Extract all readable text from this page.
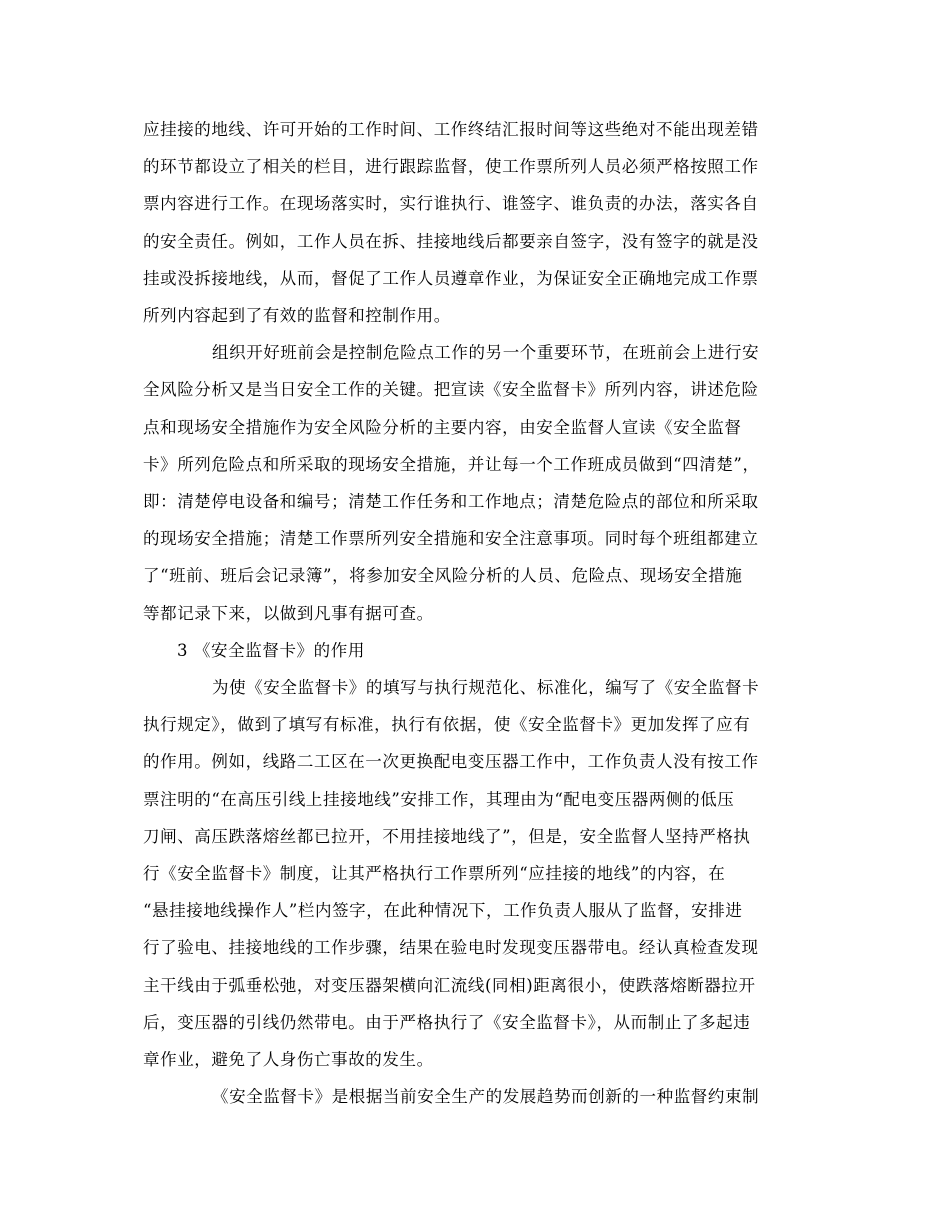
应挂接的地线、许可开始的工作时间、工作终结汇报时间等这些绝对不能出现差错
的环节都设立了相关的栏目，进行跟踪监督，使工作票所列人员必须严格按照工作
票内容进行工作。在现场落实时，实行谁执行、谁签字、谁负责的办法，落实各自
的安全责任。例如，工作人员在拆、挂接地线后都要亲自签字，没有签字的就是没
挂或没拆接地线，从而，督促了工作人员遵章作业，为保证安全正确地完成工作票
所列内容起到了有效的监督和控制作用。
组织开好班前会是控制危险点工作的另一个重要环节，在班前会上进行安
全风险分析又是当日安全工作的关键。把宣读《安全监督卡》所列内容，讲述危险
点和现场安全措施作为安全风险分析的主要内容，由安全监督人宣读《安全监督
卡》所列危险点和所采取的现场安全措施，并让每一个工作班成员做到“四清楚”，
即：清楚停电设备和编号；清楚工作任务和工作地点；清楚危险点的部位和所采取
的现场安全措施；清楚工作票所列安全措施和安全注意事项。同时每个班组都建立
了“班前、班后会记录簿”，将参加安全风险分析的人员、危险点、现场安全措施
等都记录下来，以做到凡事有据可查。
3 《安全监督卡》的作用
为使《安全监督卡》的填写与执行规范化、标准化，编写了《安全监督卡
执行规定》，做到了填写有标准，执行有依据，使《安全监督卡》更加发挥了应有
的作用。例如，线路二工区在一次更换配电变压器工作中，工作负责人没有按工作
票注明的“在高压引线上挂接地线”安排工作，其理由为“配电变压器两侧的低压
刀闸、高压跌落熔丝都已拉开，不用挂接地线了”，但是，安全监督人坚持严格执
行《安全监督卡》制度，让其严格执行工作票所列“应挂接的地线”的内容，在
“悬挂接地线操作人”栏内签字，在此种情况下，工作负责人服从了监督，安排进
行了验电、挂接地线的工作步骤，结果在验电时发现变压器带电。经认真检查发现
主干线由于弧垂松弛，对变压器架横向汇流线(同相)距离很小，使跌落熔断器拉开
后，变压器的引线仍然带电。由于严格执行了《安全监督卡》，从而制止了多起违
章作业，避免了人身伤亡事故的发生。
《安全监督卡》是根据当前安全生产的发展趋势而创新的一种监督约束制
